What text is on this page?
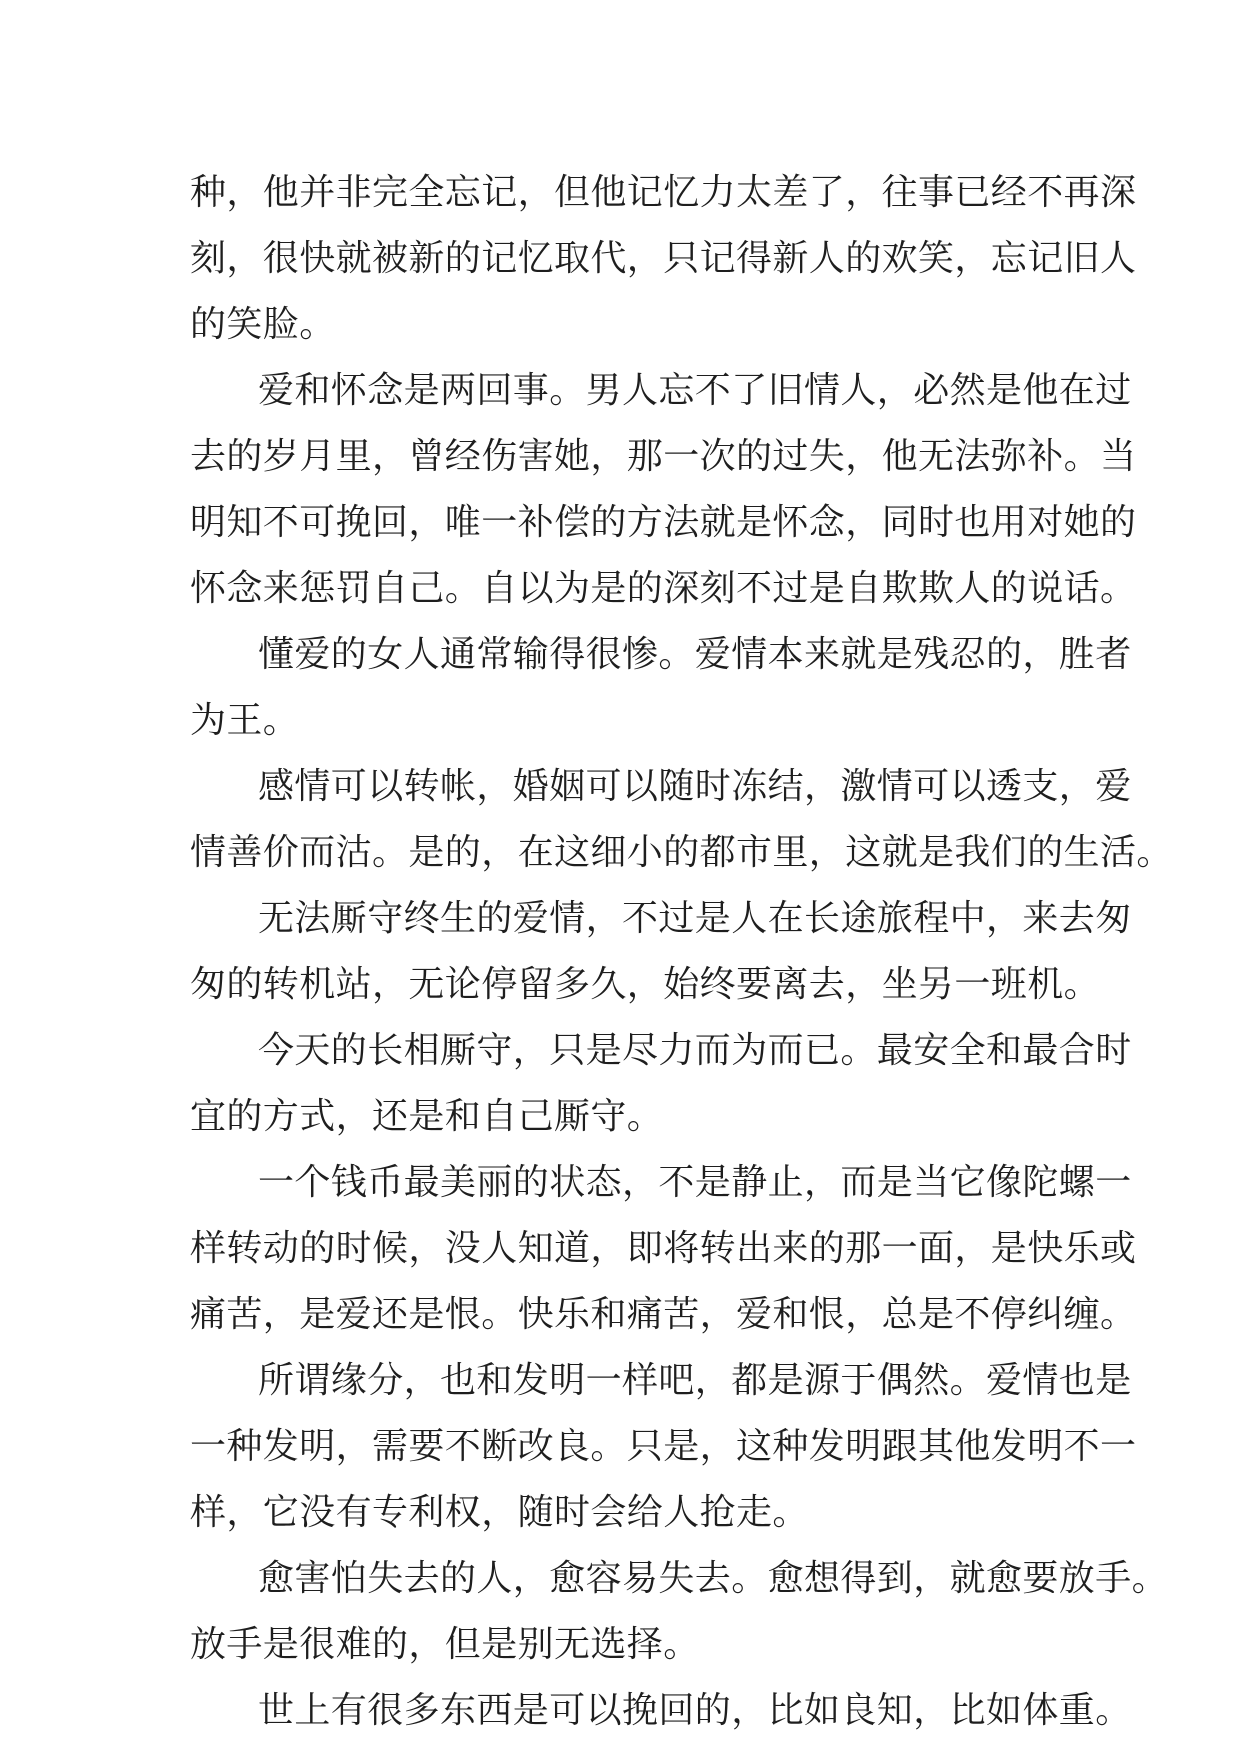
种，他并非完全忘记，但他记忆力太差了，往事已经不再深
刻，很快就被新的记忆取代，只记得新人的欢笑，忘记旧人
的笑脸。
爱和怀念是两回事。男人忘不了旧情人，必然是他在过
去的岁月里，曾经伤害她，那一次的过失，他无法弥补。当
明知不可挽回，唯一补偿的方法就是怀念，同时也用对她的
怀念来惩罚自己。自以为是的深刻不过是自欺欺人的说话。
懂爱的女人通常输得很惨。爱情本来就是残忍的，胜者
为王。
感情可以转帐，婚姻可以随时冻结，激情可以透支，爱
情善价而沽。是的，在这细小的都市里，这就是我们的生活。
无法厮守终生的爱情，不过是人在长途旅程中，来去匆
匆的转机站，无论停留多久，始终要离去，坐另一班机。
今天的长相厮守，只是尽力而为而已。最安全和最合时
宜的方式，还是和自己厮守。
一个钱币最美丽的状态，不是静止，而是当它像陀螺一
样转动的时候，没人知道，即将转出来的那一面，是快乐或
痛苦，是爱还是恨。快乐和痛苦，爱和恨，总是不停纠缠。
所谓缘分，也和发明一样吧，都是源于偶然。爱情也是
一种发明，需要不断改良。只是，这种发明跟其他发明不一
样，它没有专利权，随时会给人抢走。
愈害怕失去的人，愈容易失去。愈想得到，就愈要放手。
放手是很难的，但是别无选择。
世上有很多东西是可以挽回的，比如良知，比如体重。
